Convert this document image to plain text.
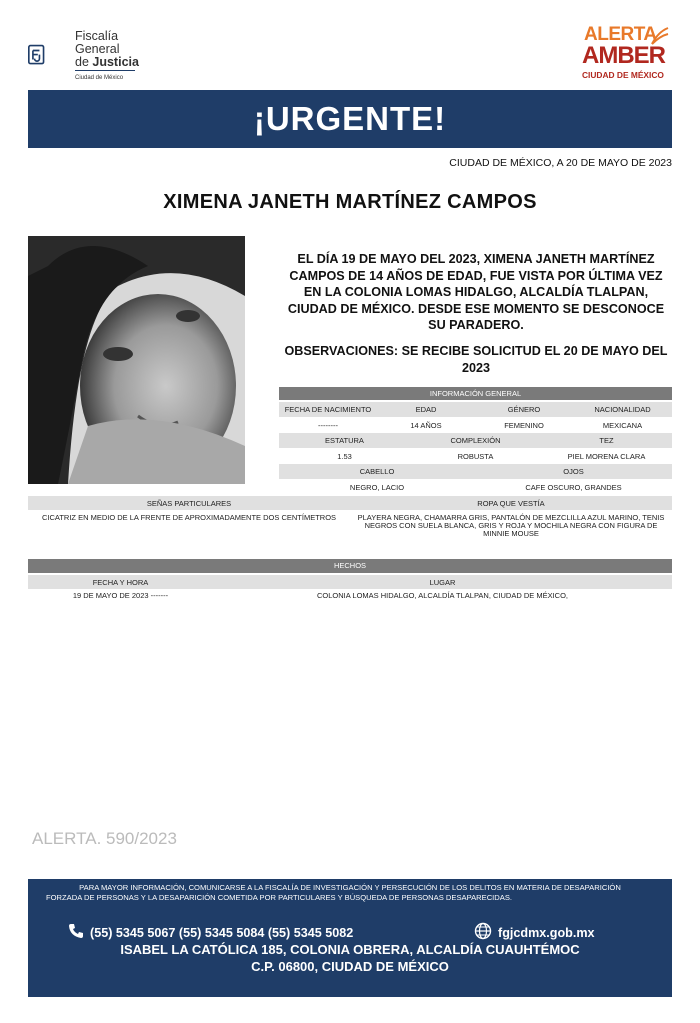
Fiscalía
General
de Justicia
Ciudad de México
ALERTA
AMBER
CIUDAD DE MÉXICO
¡URGENTE!
CIUDAD DE MÉXICO, A 20 DE MAYO DE 2023
XIMENA JANETH MARTÍNEZ CAMPOS
EL DÍA 19 DE MAYO DEL 2023, XIMENA JANETH MARTÍNEZ CAMPOS DE 14 AÑOS DE EDAD, FUE VISTA POR ÚLTIMA VEZ EN LA COLONIA LOMAS HIDALGO, ALCALDÍA TLALPAN, CIUDAD DE MÉXICO. DESDE ESE MOMENTO SE DESCONOCE SU PARADERO.
OBSERVACIONES: SE RECIBE SOLICITUD EL 20 DE MAYO DEL 2023
INFORMACIÓN GENERAL
FECHA DE NACIMIENTO	EDAD	GÉNERO	NACIONALIDAD
--------	14 AÑOS	FEMENINO	MEXICANA
ESTATURA	COMPLEXIÓN	TEZ
1.53	ROBUSTA	PIEL MORENA CLARA
CABELLO	OJOS
NEGRO, LACIO	CAFE OSCURO, GRANDES
SEÑAS PARTICULARES	ROPA QUE VESTÍA
CICATRIZ EN MEDIO DE LA FRENTE DE APROXIMADAMENTE DOS CENTÍMETROS	PLAYERA NEGRA, CHAMARRA GRIS, PANTALÓN DE MEZCLILLA AZUL MARINO, TENIS
NEGROS CON SUELA BLANCA, GRIS Y ROJA Y MOCHILA NEGRA CON FIGURA DE
MINNIE MOUSE
HECHOS
FECHA Y HORA	LUGAR
19 DE MAYO DE 2023 -------	COLONIA LOMAS HIDALGO, ALCALDÍA TLALPAN, CIUDAD DE MÉXICO,
ALERTA. 590/2023
PARA MAYOR INFORMACIÓN, COMUNICARSE A LA FISCALÍA DE INVESTIGACIÓN Y PERSECUCIÓN DE LOS DELITOS EN MATERIA DE DESAPARICIÓN
FORZADA DE PERSONAS Y LA DESAPARICIÓN COMETIDA POR PARTICULARES Y BÚSQUEDA DE PERSONAS DESAPARECIDAS.
(55) 5345 5067 (55) 5345 5084 (55) 5345 5082	fgjcdmx.gob.mx
ISABEL LA CATÓLICA 185, COLONIA OBRERA, ALCALDÍA CUAUHTÉMOC
C.P. 06800, CIUDAD DE MÉXICO
